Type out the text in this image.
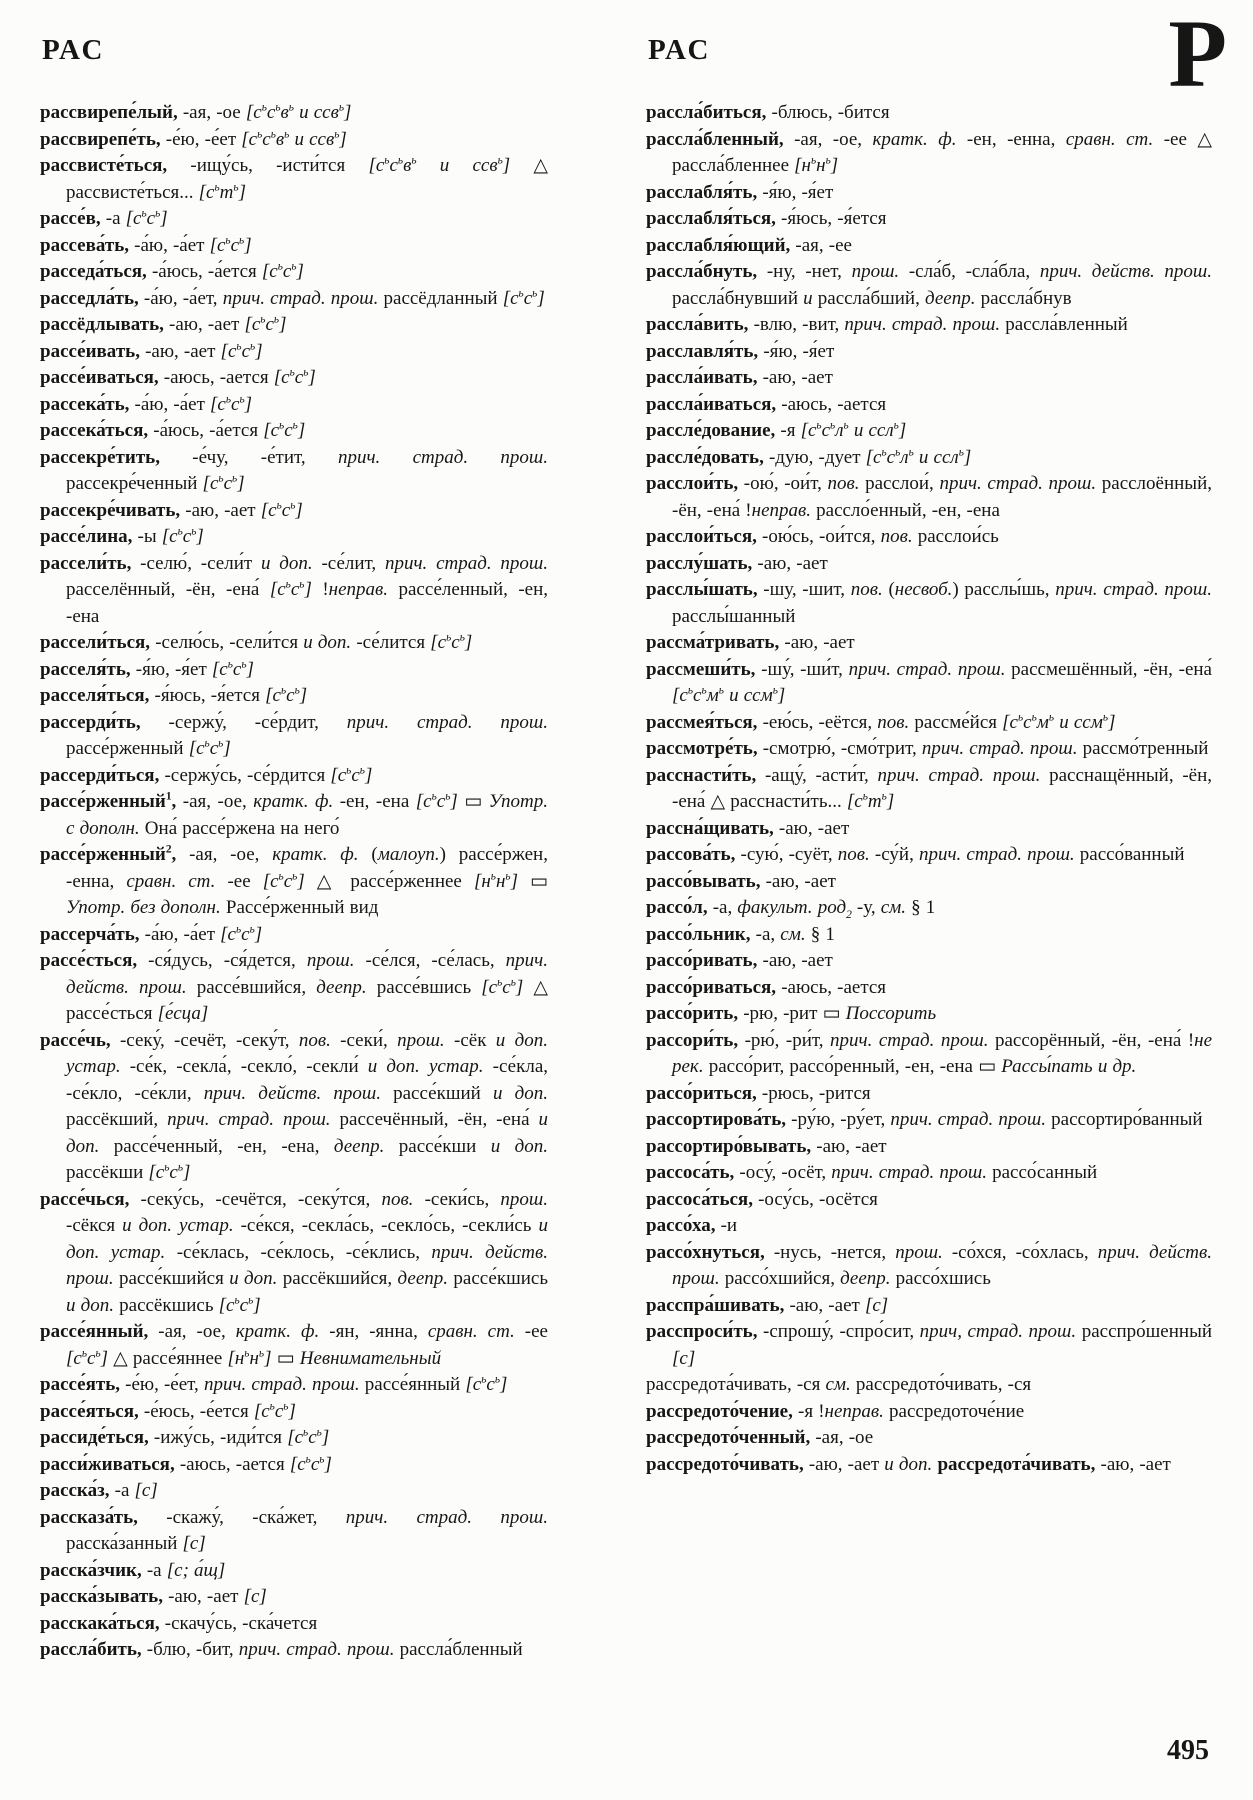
РАС	РАС	Р
рассвирепе́лый, -ая, -ое [$с^ьс^ьв^ь$ и ссв$^ь$]
рассвирепе́ть, -е́ю, -е́ет [$с^ьс^ьв^ь$ и ссв$^ь$]
рассвисте́ться, -ищу́сь, -исти́тся [$с^ьс^ьв^ь$ и ссв$^ь$] △ рассвисте́ться... $[с^ьт^ь]$
рассе́в, -а $[с^ьс^ь]$
рассева́ть, -а́ю, -а́ет $[с^ьс^ь]$
расседа́ться, -а́юсь, -а́ется $[с^ьс^ь]$
расседла́ть, -а́ю, -а́ет, прич. страд. прош. рассёдланный $[с^ьс^ь]$
рассёдлывать, -аю, -ает $[с^ьс^ь]$
рассе́ивать, -аю, -ает $[с^ьс^ь]$
рассе́иваться, -аюсь, -ается $[с^ьс^ь]$
рассека́ть, -а́ю, -а́ет $[с^ьс^ь]$
рассека́ться, -а́юсь, -а́ется $[с^ьс^ь]$
рассекре́тить, -е́чу, -е́тит, прич. страд. прош. рассекре́ченный $[с^ьс^ь]$
рассекре́чивать, -аю, -ает $[с^ьс^ь]$
рассе́лина, -ы $[с^ьс^ь]$
рассели́ть, -селю́, -сели́т и доп. -се́лит, прич. страд. прош. расселённый, -ён, -ена́ $[с^ьс^ь]$ !неправ. рассе́ленный, -ен, -ена
рассели́ться, -селю́сь, -сели́тся и доп. -се́лится $[с^ьс^ь]$
расселя́ть, -я́ю, -я́ет $[с^ьс^ь]$
расселя́ться, -я́юсь, -я́ется $[с^ьс^ь]$
рассерди́ть, -сержу́, -се́рдит, прич. страд. прош. рассе́рженный $[с^ьс^ь]$
рассерди́ться, -сержу́сь, -се́рдится $[с^ьс^ь]$
рассе́рженный$^1$, -ая, -ое, кратк. ф. -ен, -ена $[с^ьс^ь]$ ▭ Употр. с дополн. Она́ рассе́ржена на него́
рассе́рженный$^2$, -ая, -ое, кратк. ф. (малоуп.) рассе́ржен, -енна, сравн. ст. -ее $[с^ьс^ь]$ △ рассе́рженнее $[н^ьн^ь]$ ▭ Употр. без дополн. Рассе́рженный вид
рассерча́ть, -а́ю, -а́ет $[с^ьс^ь]$
рассе́сться, -ся́дусь, -ся́дется, прош. -се́лся, -се́лась, прич. действ. прош. рассе́вшийся, деепр. рассе́вшись $[с^ьс^ь]$ △ рассе́сться [е́сца]
рассе́чь, -секу́, -сечёт, -секу́т, пов. -секи́, прош. -сёк и доп. устар. -се́к, -секла́, -секло́, -секли́ и доп. устар. -се́кла, -се́кло, -се́кли, прич. действ. прош. рассе́кший и доп. рассёкший, прич. страд. прош. рассечённый, -ён, -ена́ и доп. рассе́ченный, -ен, -ена, деепр. рассе́кши и доп. рассёкши $[с^ьс^ь]$
рассе́чься, -секу́сь, -сечётся, -секу́тся, пов. -секи́сь, прош. -сёкся и доп. устар. -се́кся, -секла́сь, -секло́сь, -секли́сь и доп. устар. -се́клась, -се́клось, -се́клись, прич. действ. прош. рассе́кшийся и доп. рассёкшийся, деепр. рассе́кшись и доп. рассёкшись $[с^ьс^ь]$
рассе́янный, -ая, -ое, кратк. ф. -ян, -янна, сравн. ст. -ее $[с^ьс^ь]$ △ рассе́яннее $[н^ьн^ь]$ ▭ Невнимательный
рассе́ять, -е́ю, -е́ет, прич. страд. прош. рассе́янный $[с^ьс^ь]$
рассе́яться, -е́юсь, -е́ется $[с^ьс^ь]$
рассиде́ться, -ижу́сь, -иди́тся $[с^ьс^ь]$
расси́живаться, -аюсь, -ается $[с^ьс^ь]$
расска́з, -а [с]
рассказа́ть, -скажу́, -ска́жет, прич. страд. прош. расска́занный [с]
расска́зчик, -а [с; а́щ]
расска́зывать, -аю, -ает [с]
расскака́ться, -скачу́сь, -ска́чется
рассла́бить, -блю, -бит, прич. страд. прош. рассла́бленный
рассла́биться, -блюсь, -бится
рассла́бленный, -ая, -ое, кратк. ф. -ен, -енна, сравн. ст. -ее △ рассла́бленнее $[н^ьн^ь]$
расслабля́ть, -я́ю, -я́ет
расслабля́ться, -я́юсь, -я́ется
расслабля́ющий, -ая, -ее
рассла́бнуть, -ну, -нет, прош. -сла́б, -сла́бла, прич. действ. прош. рассла́бнувший и рассла́бший, деепр. рассла́бнув
рассла́вить, -влю, -вит, прич. страд. прош. рассла́вленный
расславля́ть, -я́ю, -я́ет
рассла́ивать, -аю, -ает
рассла́иваться, -аюсь, -ается
рассле́дование, -я [$с^ьс^ьл^ь$ и ссл$^ь$]
рассле́довать, -дую, -дует [$с^ьс^ьл^ь$ и ссл$^ь$]
расслои́ть, -ою́, -ои́т, пов. расслои́, прич. страд. прош. расслоённый, -ён, -ена́ !неправ. рассло́енный, -ен, -ена
расслои́ться, -ою́сь, -ои́тся, пов. расслои́сь
расслу́шать, -аю, -ает
расслы́шать, -шу, -шит, пов. (несвоб.) расслы́шь, прич. страд. прош. расслы́шанный
рассма́тривать, -аю, -ает
рассмеши́ть, -шу́, -ши́т, прич. страд. прош. рассмешённый, -ён, -ена́ [$с^ьс^ьм^ь$ и ссм$^ь$]
рассмея́ться, -ею́сь, -еётся, пов. рассме́йся [$с^ьс^ьм^ь$ и ссм$^ь$]
рассмотре́ть, -смотрю́, -смо́трит, прич. страд. прош. рассмо́тренный
расснасти́ть, -ащу́, -асти́т, прич. страд. прош. расснащённый, -ён, -ена́ △ расснасти́ть... $[с^ьт^ь]$
рассна́щивать, -аю, -ает
рассова́ть, -сую́, -суёт, пов. -су́й, прич. страд. прош. рассо́ванный
рассо́вывать, -аю, -ает
рассо́л, -а, факульт. род$_2$ -у, см. § 1
рассо́льник, -а, см. § 1
рассо́ривать, -аю, -ает
рассо́риваться, -аюсь, -ается
рассо́рить, -рю, -рит ▭ Поссорить
рассори́ть, -рю́, -ри́т, прич. страд. прош. рассорённый, -ён, -ена́ !не рек. рассо́рит, рассо́ренный, -ен, -ена ▭ Рассы́пать и др.
рассо́риться, -рюсь, -рится
рассортирова́ть, -ру́ю, -ру́ет, прич. страд. прош. рассортиро́ванный
рассортиро́вывать, -аю, -ает
рассоса́ть, -осу́, -осёт, прич. страд. прош. рассо́санный
рассоса́ться, -осу́сь, -осётся
рассо́ха, -и
рассо́хнуться, -нусь, -нется, прош. -со́хся, -со́хлась, прич. действ. прош. рассо́хшийся, деепр. рассо́хшись
расспра́шивать, -аю, -ает [с]
расспроси́ть, -спрошу́, -спро́сит, прич, страд. прош. расспро́шенный [с]
рассредота́чивать, -ся см. рассредото́чивать, -ся
рассредото́чение, -я !неправ. рассредоточе́ние
рассредото́ченный, -ая, -ое
рассредото́чивать, -аю, -ает и доп. рассредота́чивать, -аю, -ает
495
